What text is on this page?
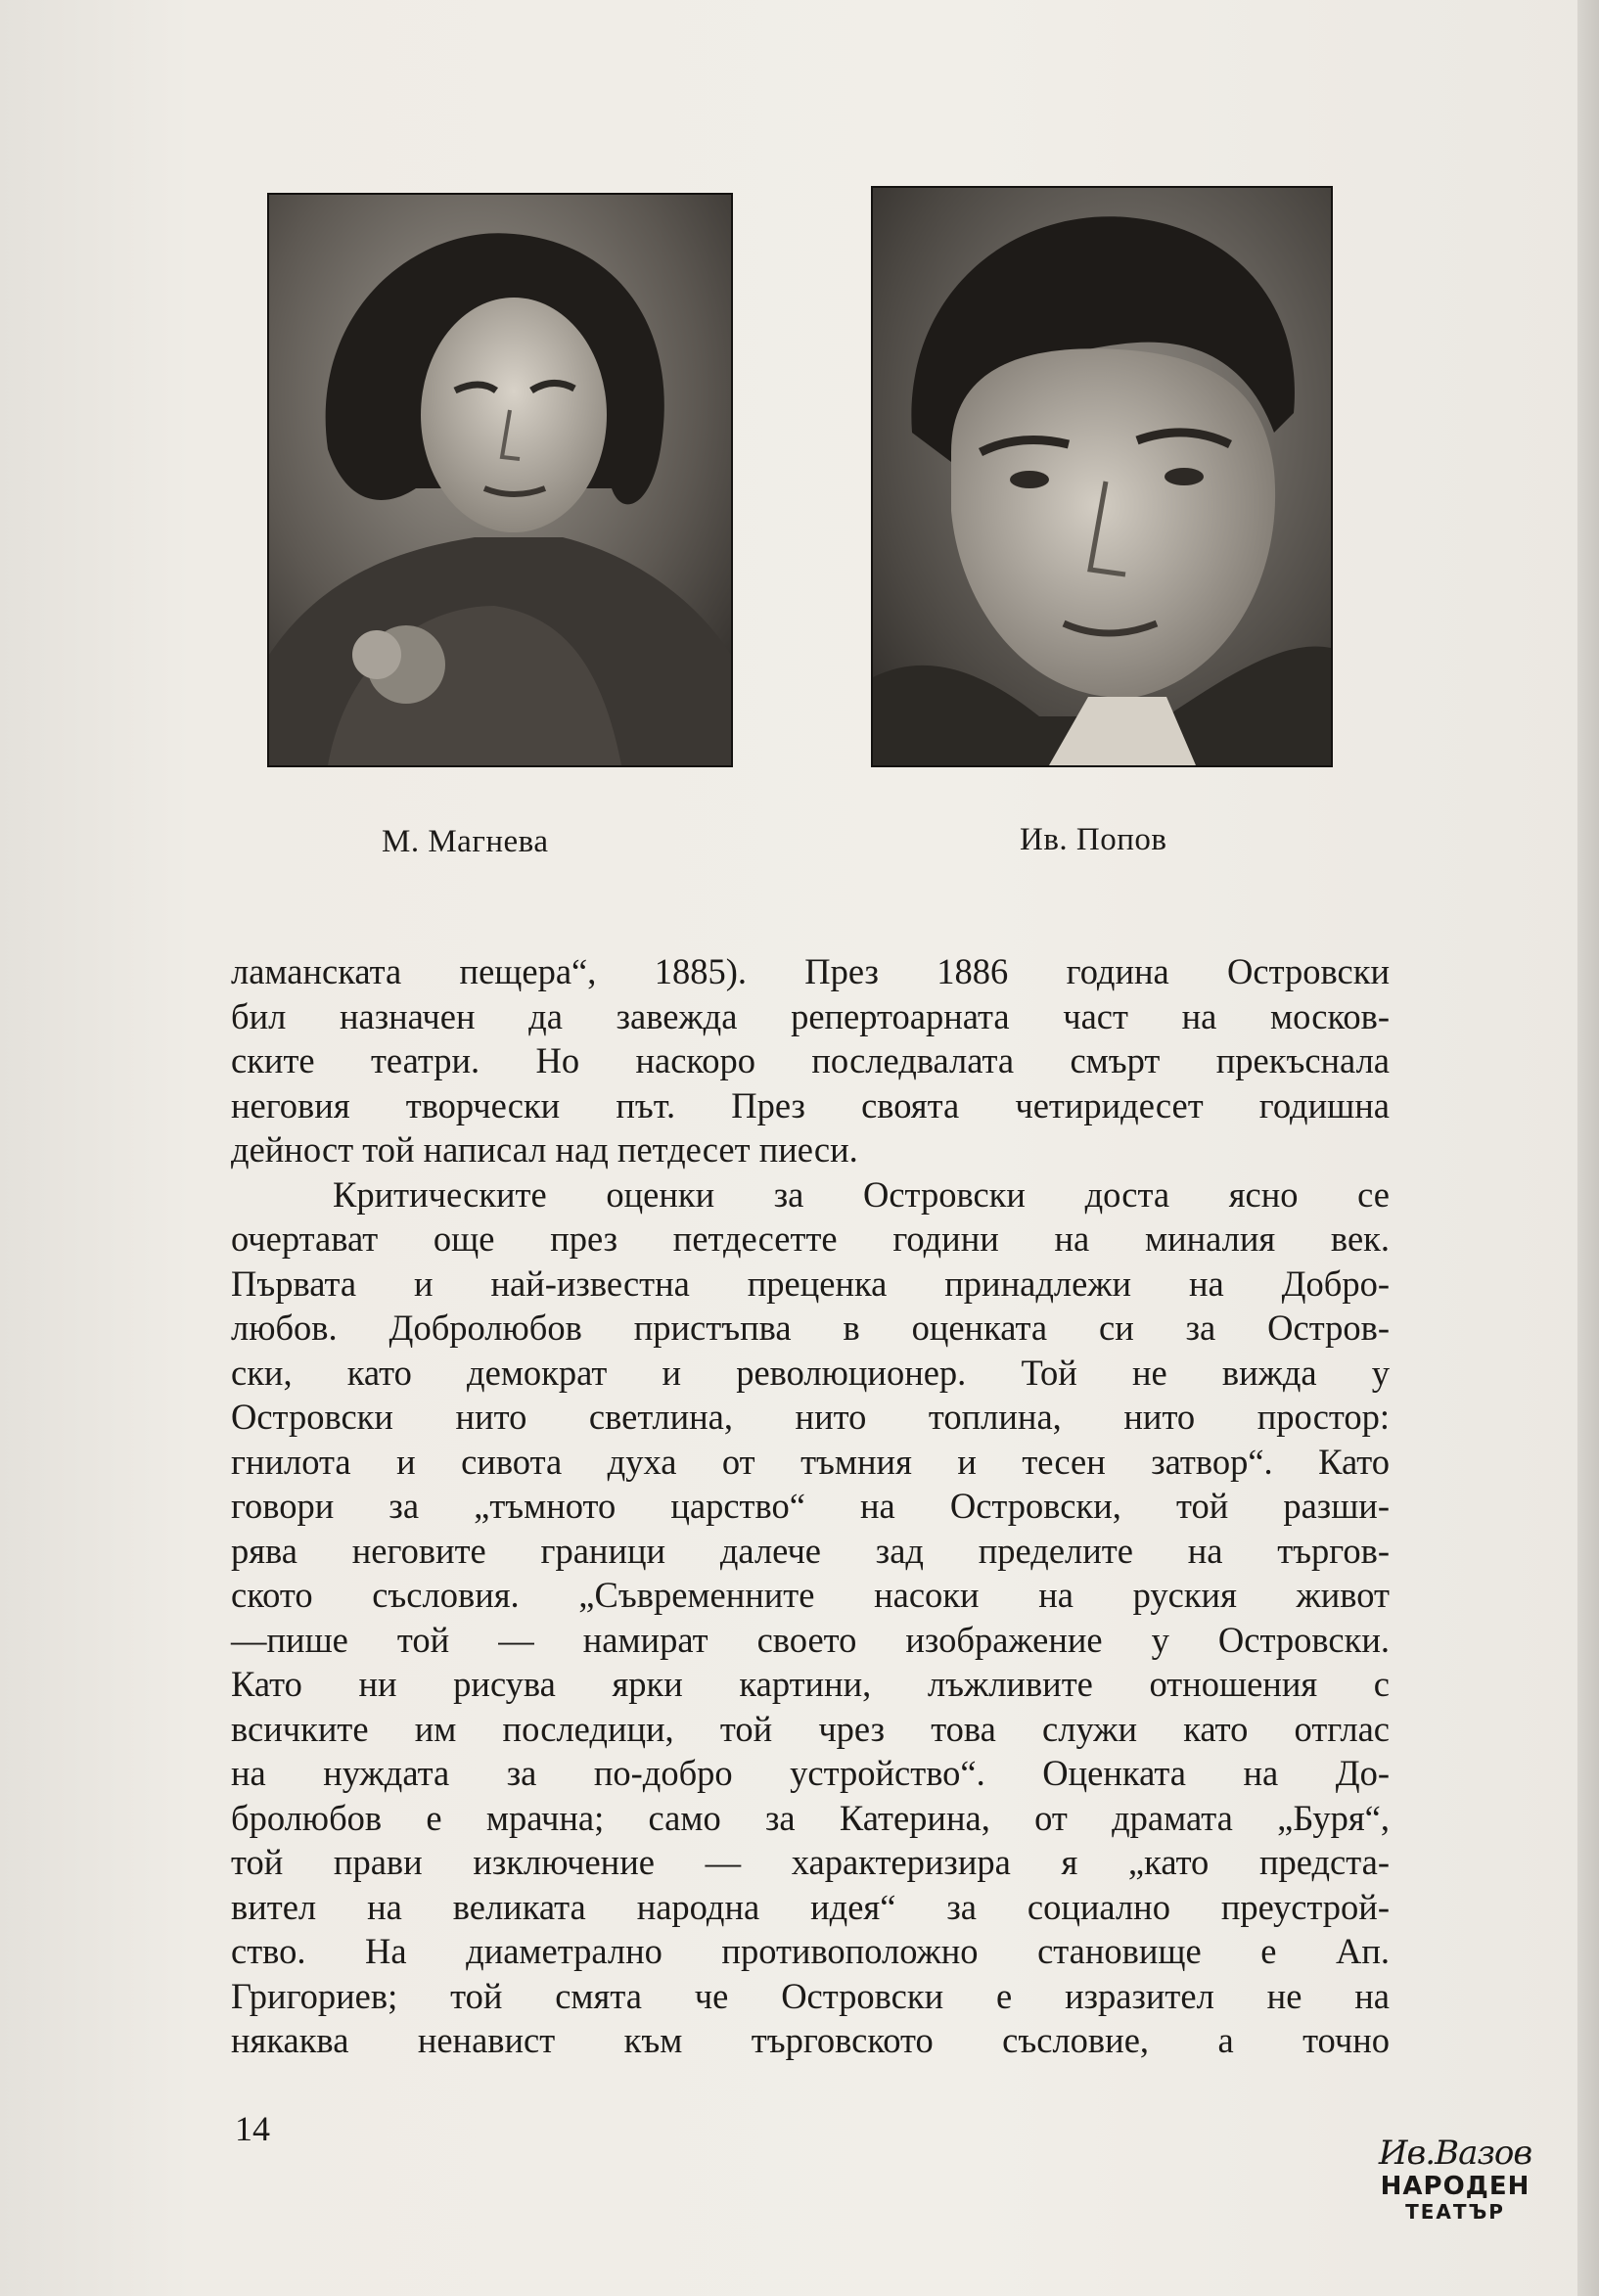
М. Магнева	Ив. Попов
ламанската пещера“, 1885). През 1886 година Островски
бил назначен да завежда репертоарната част на москов-
ските театри. Но наскоро последвалата смърт прекъснала
неговия творчески път. През своята четиридесет годишна
дейност той написал над петдесет пиеси.
Критическите оценки за Островски доста ясно се
очертават още през петдесетте години на миналия век.
Първата и най-известна преценка принадлежи на Добро-
любов. Добролюбов пристъпва в оценката си за Остров-
ски, като демократ и революционер. Той не вижда у
Островски нито светлина, нито топлина, нито простор:
гнилота и сивота духа от тъмния и тесен затвор“. Като
говори за „тъмното царство“ на Островски, той разши-
рява неговите граници далече зад пределите на търгов-
ското съсловия. „Съвременните насоки на руския живот
—пише той — намират своето изображение у Островски.
Като ни рисува ярки картини, лъжливите отношения с
всичките им последици, той чрез това служи като отглас
на нуждата за по-добро устройство“. Оценката на До-
бролюбов е мрачна; само за Катерина, от драмата „Буря“,
той прави изключение — характеризира я „като предста-
вител на великата народна идея“ за социално преустрой-
ство. На диаметрално противоположно становище е Ап.
Григориев; той смята че Островски е изразител не на
някаква ненавист към търговското съсловие, а точно
14
Ив.Вазов
НАРОДЕН
ТЕАТЪР
